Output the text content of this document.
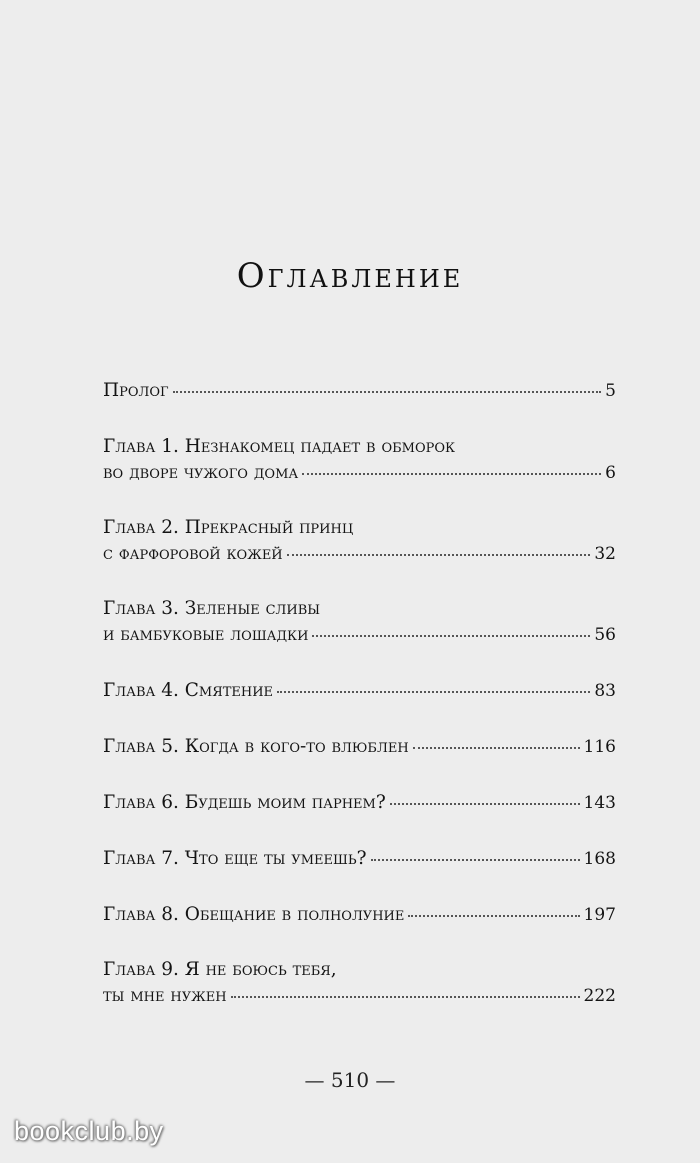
Оглавление
Пролог	5
Глава 1. Незнакомец падает в обморок
во дворе чужого дома	6
Глава 2. Прекрасный принц
с фарфоровой кожей	32
Глава 3. Зеленые сливы
и бамбуковые лошадки	56
Глава 4. Смятение	83
Глава 5. Когда в кого-то влюблен	116
Глава 6. Будешь моим парнем?	143
Глава 7. Что еще ты умеешь?	168
Глава 8. Обещание в полнолуние	197
Глава 9. Я не боюсь тебя,
ты мне нужен	222
— 510 —
bookclub.by
